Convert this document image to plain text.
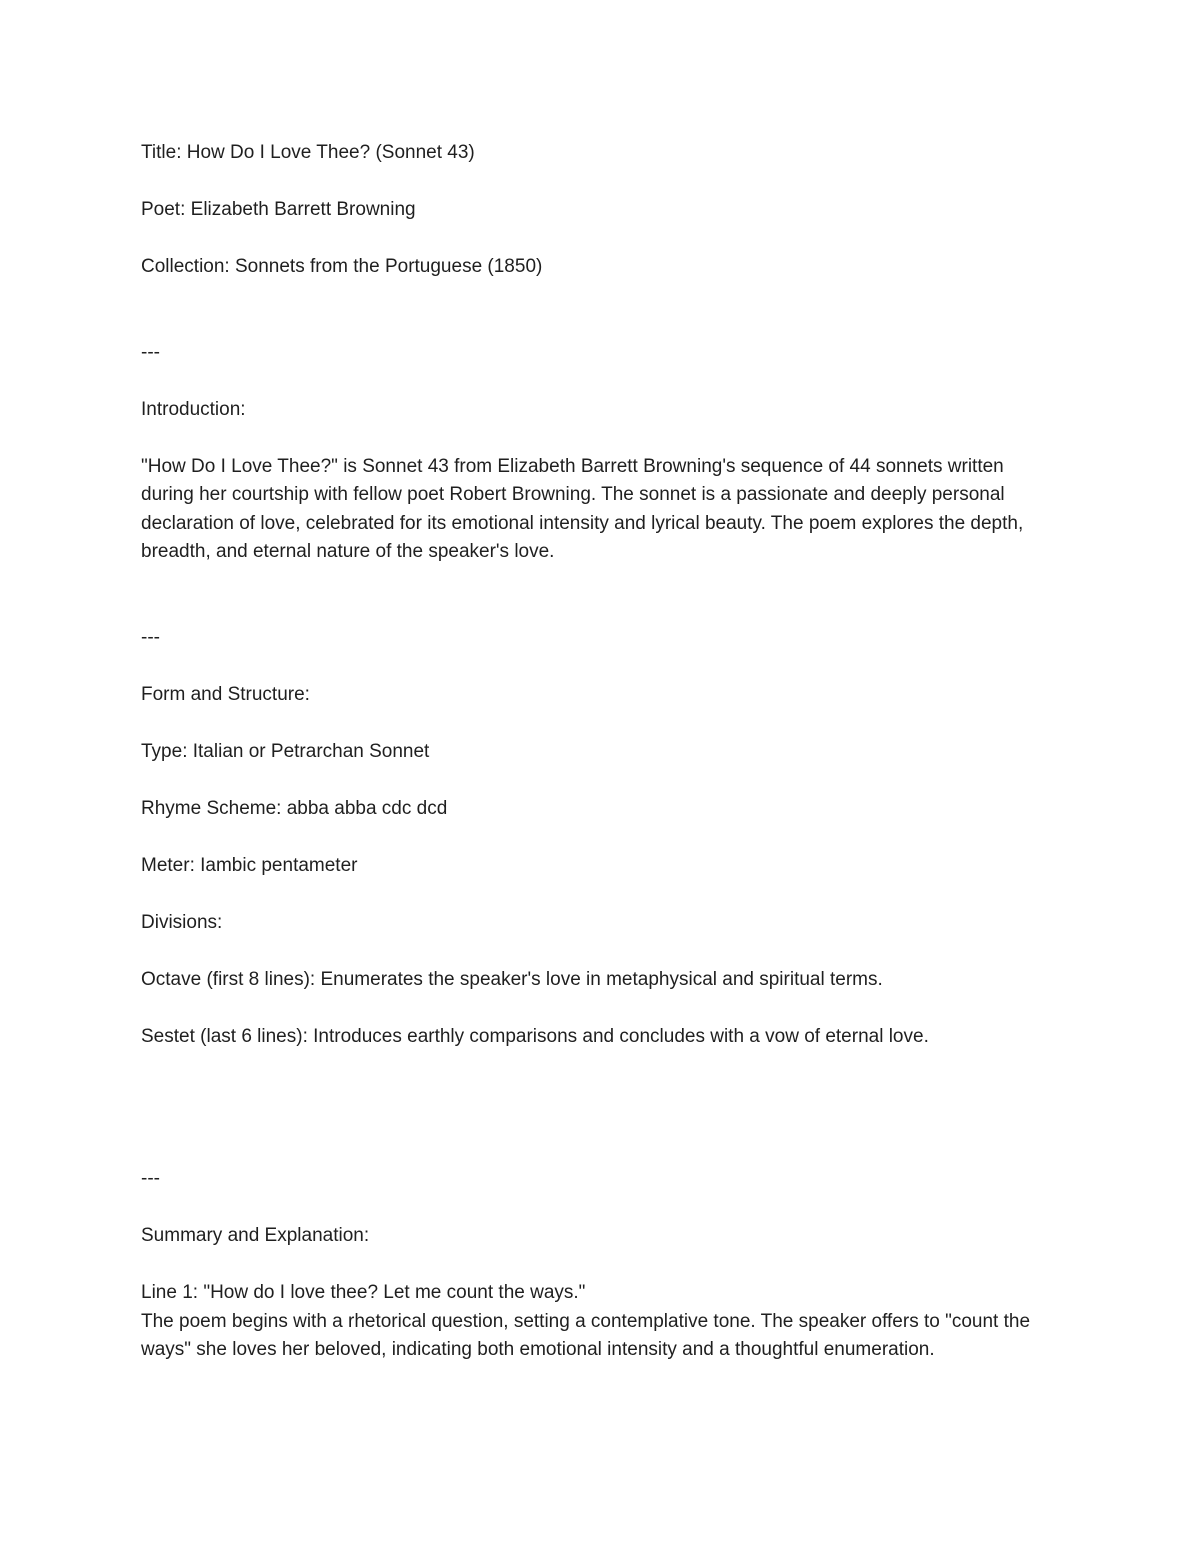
Title: How Do I Love Thee? (Sonnet 43)

Poet: Elizabeth Barrett Browning

Collection: Sonnets from the Portuguese (1850)

---

Introduction:

"How Do I Love Thee?" is Sonnet 43 from Elizabeth Barrett Browning's sequence of 44 sonnets written during her courtship with fellow poet Robert Browning. The sonnet is a passionate and deeply personal declaration of love, celebrated for its emotional intensity and lyrical beauty. The poem explores the depth, breadth, and eternal nature of the speaker's love.

---

Form and Structure:

Type: Italian or Petrarchan Sonnet

Rhyme Scheme: abba abba cdc dcd

Meter: Iambic pentameter

Divisions:

Octave (first 8 lines): Enumerates the speaker's love in metaphysical and spiritual terms.

Sestet (last 6 lines): Introduces earthly comparisons and concludes with a vow of eternal love.

---

Summary and Explanation:

Line 1: "How do I love thee? Let me count the ways."

The poem begins with a rhetorical question, setting a contemplative tone. The speaker offers to "count the ways" she loves her beloved, indicating both emotional intensity and a thoughtful enumeration.
